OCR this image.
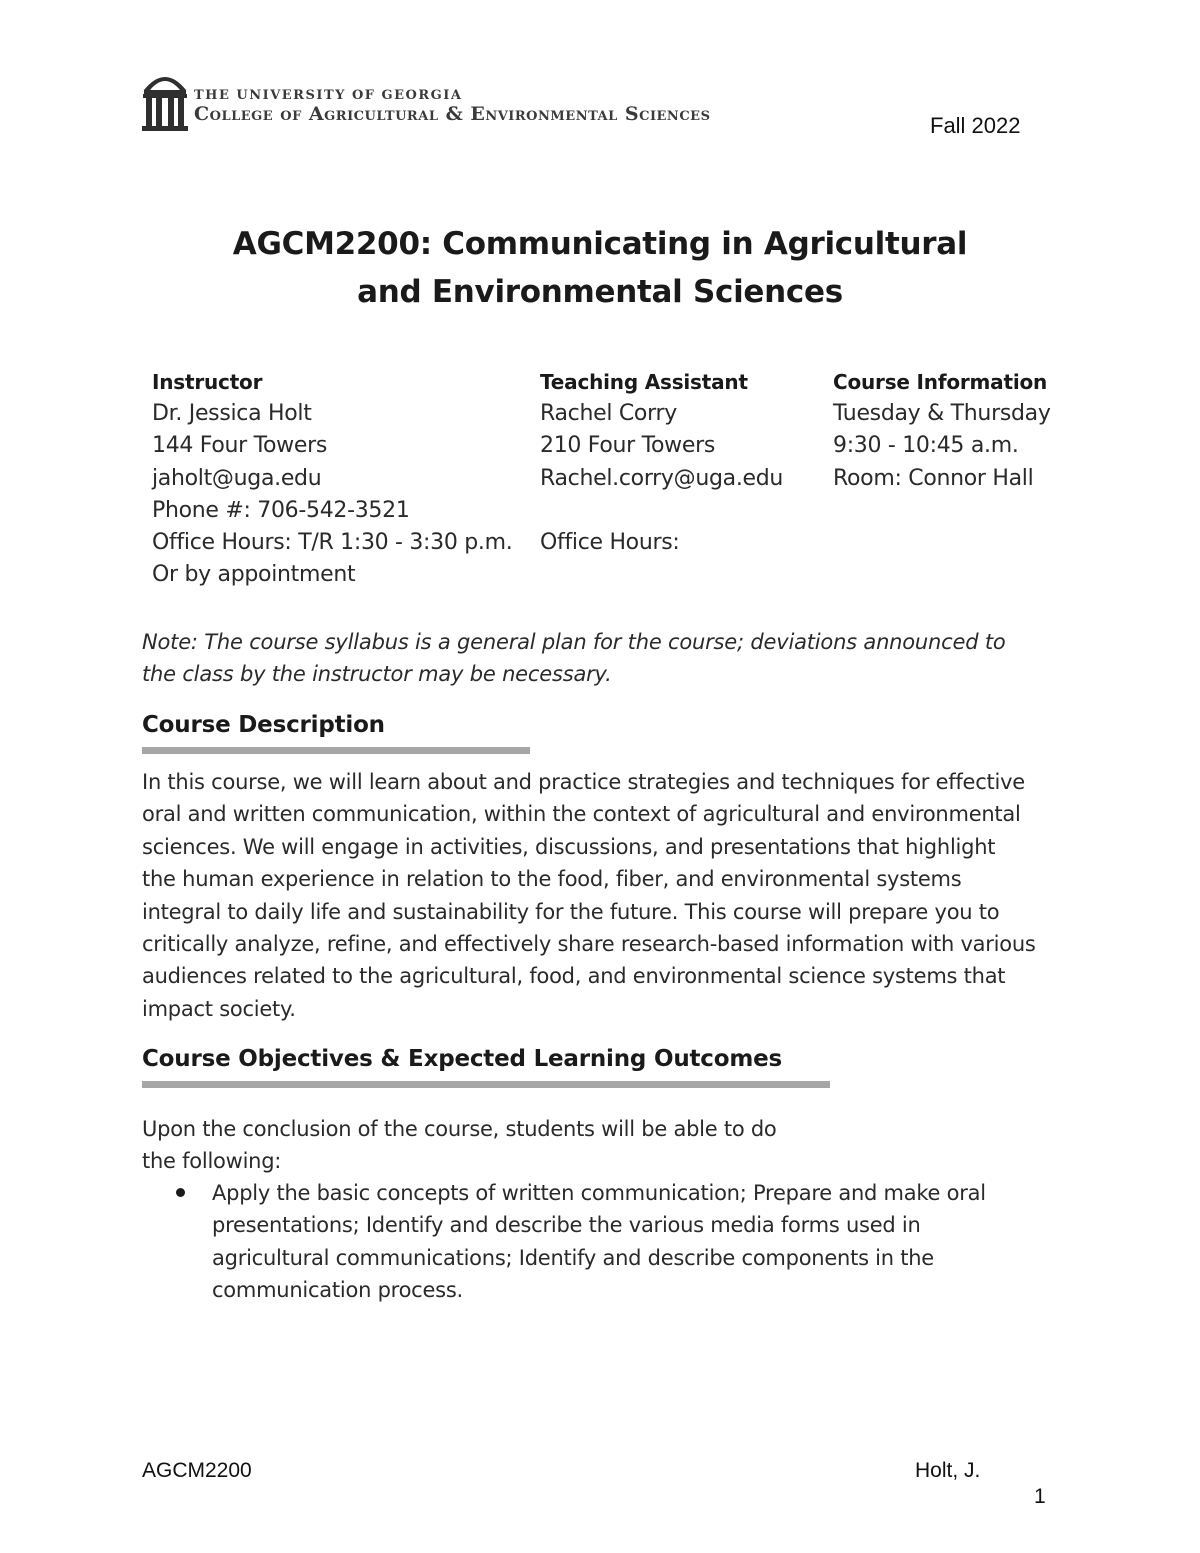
THE UNIVERSITY OF GEORGIA
College of Agricultural & Environmental Sciences	Fall 2022
AGCM2200: Communicating in Agricultural
and Environmental Sciences
Instructor
Dr. Jessica Holt
144 Four Towers
jaholt@uga.edu
Phone #: 706-542-3521
Office Hours: T/R 1:30 - 3:30 p.m.
Or by appointment
Teaching Assistant
Rachel Corry
210 Four Towers
Rachel.corry@uga.edu
Office Hours:
Course Information
Tuesday & Thursday
9:30 - 10:45 a.m.
Room: Connor Hall
Note: The course syllabus is a general plan for the course; deviations announced to
the class by the instructor may be necessary.
Course Description
In this course, we will learn about and practice strategies and techniques for effective
oral and written communication, within the context of agricultural and environmental
sciences. We will engage in activities, discussions, and presentations that highlight
the human experience in relation to the food, fiber, and environmental systems
integral to daily life and sustainability for the future. This course will prepare you to
critically analyze, refine, and effectively share research-based information with various
audiences related to the agricultural, food, and environmental science systems that
impact society.
Course Objectives & Expected Learning Outcomes
Upon the conclusion of the course, students will be able to do
the following:
Apply the basic concepts of written communication; Prepare and make oral
presentations; Identify and describe the various media forms used in
agricultural communications; Identify and describe components in the
communication process.
AGCM2200	Holt, J.
1
